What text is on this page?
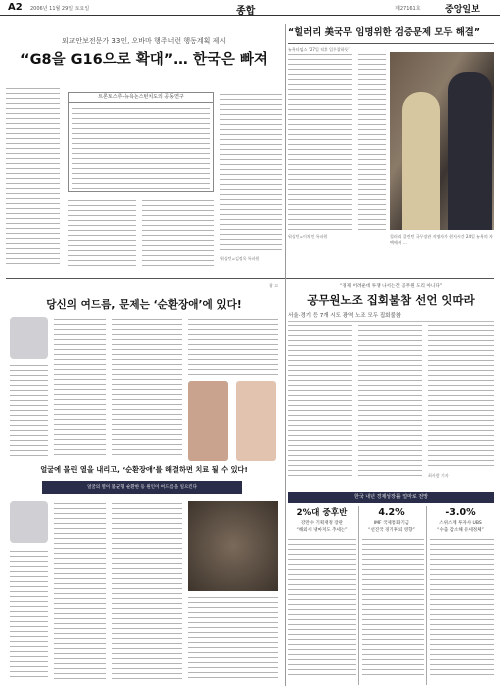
A2 2006년 11월 29일 토요일	종합	제27161호	중앙일보
외교안보전문가 33인, 오바마 행주너런 행동계획 제시
“G8을 G16으로 확대”… 한국은 빠져
트론토스루-뉴욕논스턴치도의 공동연구
워싱턴=김정욱 특파원
“힐러리 美국무 임명위한 검증문제 모두 해결”
뉴욕타임스 ‘27일 직후 입무찰하듯’
워싱턴=이치민 특파원	힐러리 클린턴 국무장관 지명자가 현지시간 24일 뉴욕의 자택에서 …
광 고
당신의 여드름, 문제는 ‘순환장애’에 있다!
얼굴에 몰린 열을 내리고, ‘순환장애’를 해결하면 치료 될 수 있다!
얼굴의 열이 불균형 순환한 등 원인이 여드름을 일으킨다
“경제 어려운데 투쟁 나서는건 공무원 도리 아니다”
공무원노조 집회불참 선언 잇따라
서울·경기 등 7개 시도 광역 노조 모두 집회불참
최사람 기자
한국 내년 경제성장률 얼마로 전망
2%대 중후반
강만수 기획재정 장관
“해외시 냉마저도 추세는”
4.2%
IMF 국제통화기금
“선진국 경기후퇴 영향”
-3.0%
스위스계 투자사 UBS
“수출 감소해 유세정체”
